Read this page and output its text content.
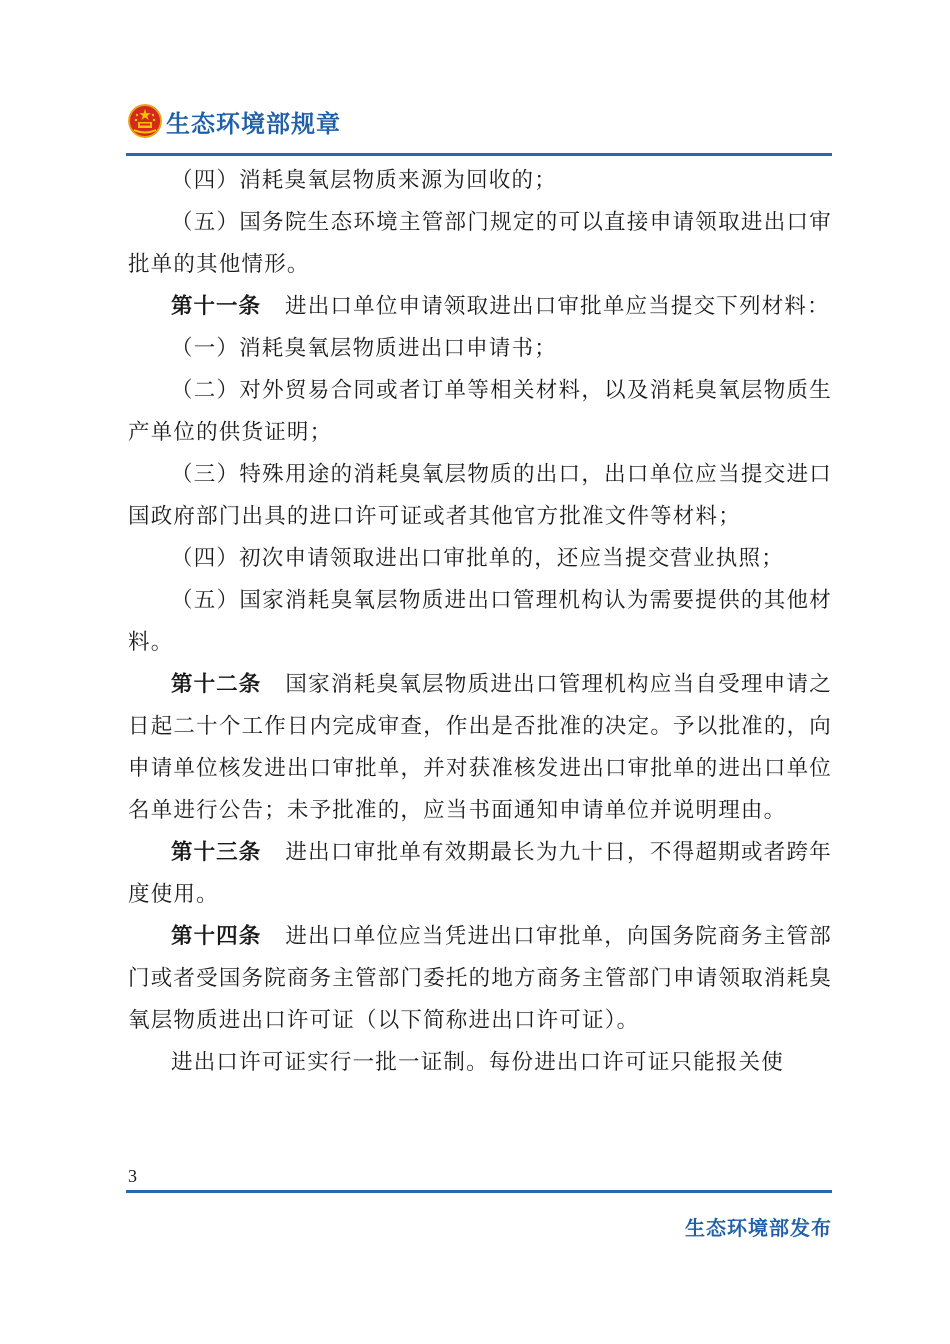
生态环境部规章

（四）消耗臭氧层物质来源为回收的；

（五）国务院生态环境主管部门规定的可以直接申请领取进出口审批单的其他情形。

第十一条 进出口单位申请领取进出口审批单应当提交下列材料：

（一）消耗臭氧层物质进出口申请书；

（二）对外贸易合同或者订单等相关材料，以及消耗臭氧层物质生产单位的供货证明；

（三）特殊用途的消耗臭氧层物质的出口，出口单位应当提交进口国政府部门出具的进口许可证或者其他官方批准文件等材料；

（四）初次申请领取进出口审批单的，还应当提交营业执照；

（五）国家消耗臭氧层物质进出口管理机构认为需要提供的其他材料。

第十二条 国家消耗臭氧层物质进出口管理机构应当自受理申请之日起二十个工作日内完成审查，作出是否批准的决定。予以批准的，向申请单位核发进出口审批单，并对获准核发进出口审批单的进出口单位名单进行公告；未予批准的，应当书面通知申请单位并说明理由。

第十三条 进出口审批单有效期最长为九十日，不得超期或者跨年度使用。

第十四条 进出口单位应当凭进出口审批单，向国务院商务主管部门或者受国务院商务主管部门委托的地方商务主管部门申请领取消耗臭氧层物质进出口许可证（以下简称进出口许可证）。

进出口许可证实行一批一证制。每份进出口许可证只能报关使

3
生态环境部发布
